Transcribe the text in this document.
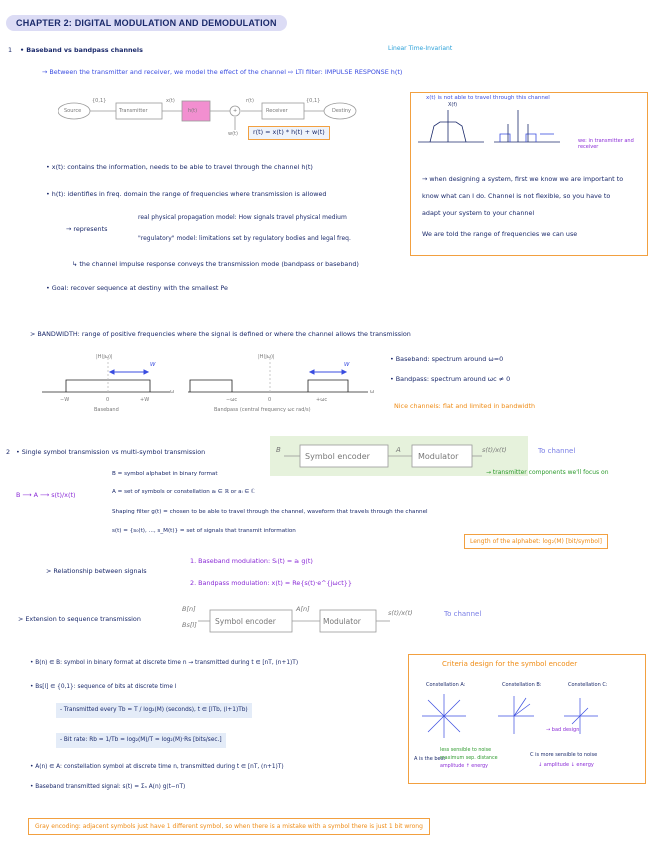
CHAPTER 2: DIGITAL MODULATION AND DEMODULATION
1 • Baseband vs bandpass channels	Linear Time-Invariant
→ Between the transmitter and receiver, we model the effect of the channel ⇨ LTI filter: IMPULSE RESPONSE h(t)
Source
{0,1}
Transmitter
x(t)
h(t)	+
r(t)
Receiver
{0,1}
Destiny
w(t)	r(t) = x(t) * h(t) + w(t)
x(t) is not able to travel through this channel
X(f)
we: in transmitter and receiver
→ when designing a system, first we know we are important to
know what can I do. Channel is not flexible, so you have to
adapt your system to your channel
We are told the range of frequencies we can use
• x(t): contains the information, needs to be able to travel through the channel h(t)
• h(t): identifies in freq. domain the range of frequencies where transmission is allowed
→ represents
real physical propagation model: How signals travel physical medium
"regulatory" model: limitations set by regulatory bodies and legal freq.
↳ the channel impulse response conveys the transmission mode (bandpass or baseband)
• Goal: recover sequence at destiny with the smallest Pe
> BANDWIDTH: range of positive frequencies where the signal is defined or where the channel allows the transmission
|H(jω)|	|H(jω)|
W	W
−W	0	+W
ω
−ωc	0	+ωc
ω
Baseband	Bandpass (central frequency ωc rad/s)
• Baseband: spectrum around ω=0
• Bandpass: spectrum around ωc ≠ 0
Nice channels: flat and limited in bandwidth
2 • Single symbol transmission vs multi-symbol transmission	B
Symbol encoder
A
Modulator
s(t)/x(t)	To channel
→ transmitter components we'll focus on
B ⟶ A ⟶ s(t)/x(t)
B = symbol alphabet in binary format
A = set of symbols or constellation aᵢ ∈ ℝ or aᵢ ∈ ℂ
Shaping filter g(t) = chosen to be able to travel through the channel, waveform that travels through the channel
s(t) = {s₀(t), ..., s_M(t)} = set of signals that transmit information
Length of the alphabet: log₂(M) [bit/symbol]
> Relationship between signals
1. Baseband modulation: Sᵢ(t) = aᵢ g(t)
2. Bandpass modulation: x(t) = Re{s(t)·e^{jωct}}
> Extension to sequence transmission
B[n]
Bs[l] Symbol encoder
A[n]
Modulator
s(t)/x(t)	To channel
• B(n) ∈ B: symbol in binary format at discrete time n → transmitted during t ∈ [nT, (n+1)T)
• Bs[l] ∈ {0,1}: sequence of bits at discrete time l
- Transmitted every Tb = T / log₂(M) (seconds), t ∈ [lTb, (l+1)Tb)
- Bit rate: Rb = 1/Tb = log₂(M)/T = log₂(M)·Rs [bits/sec.]
• A(n) ∈ A: constellation symbol at discrete time n, transmitted during t ∈ [nT, (n+1)T)
• Baseband transmitted signal: s(t) = Σₙ A(n) g(t−nT)
Criteria design for the symbol encoder
Constellation A:	Constellation B:	Constellation C:
→ bad design
A is the best
less sensible to noise
maximum sep. distance
amplitude ↑ energy
C is more sensible to noise
↓ amplitude ↓ energy
Gray encoding: adjacent symbols just have 1 different symbol, so when there is a mistake with a symbol there is just 1 bit wrong
